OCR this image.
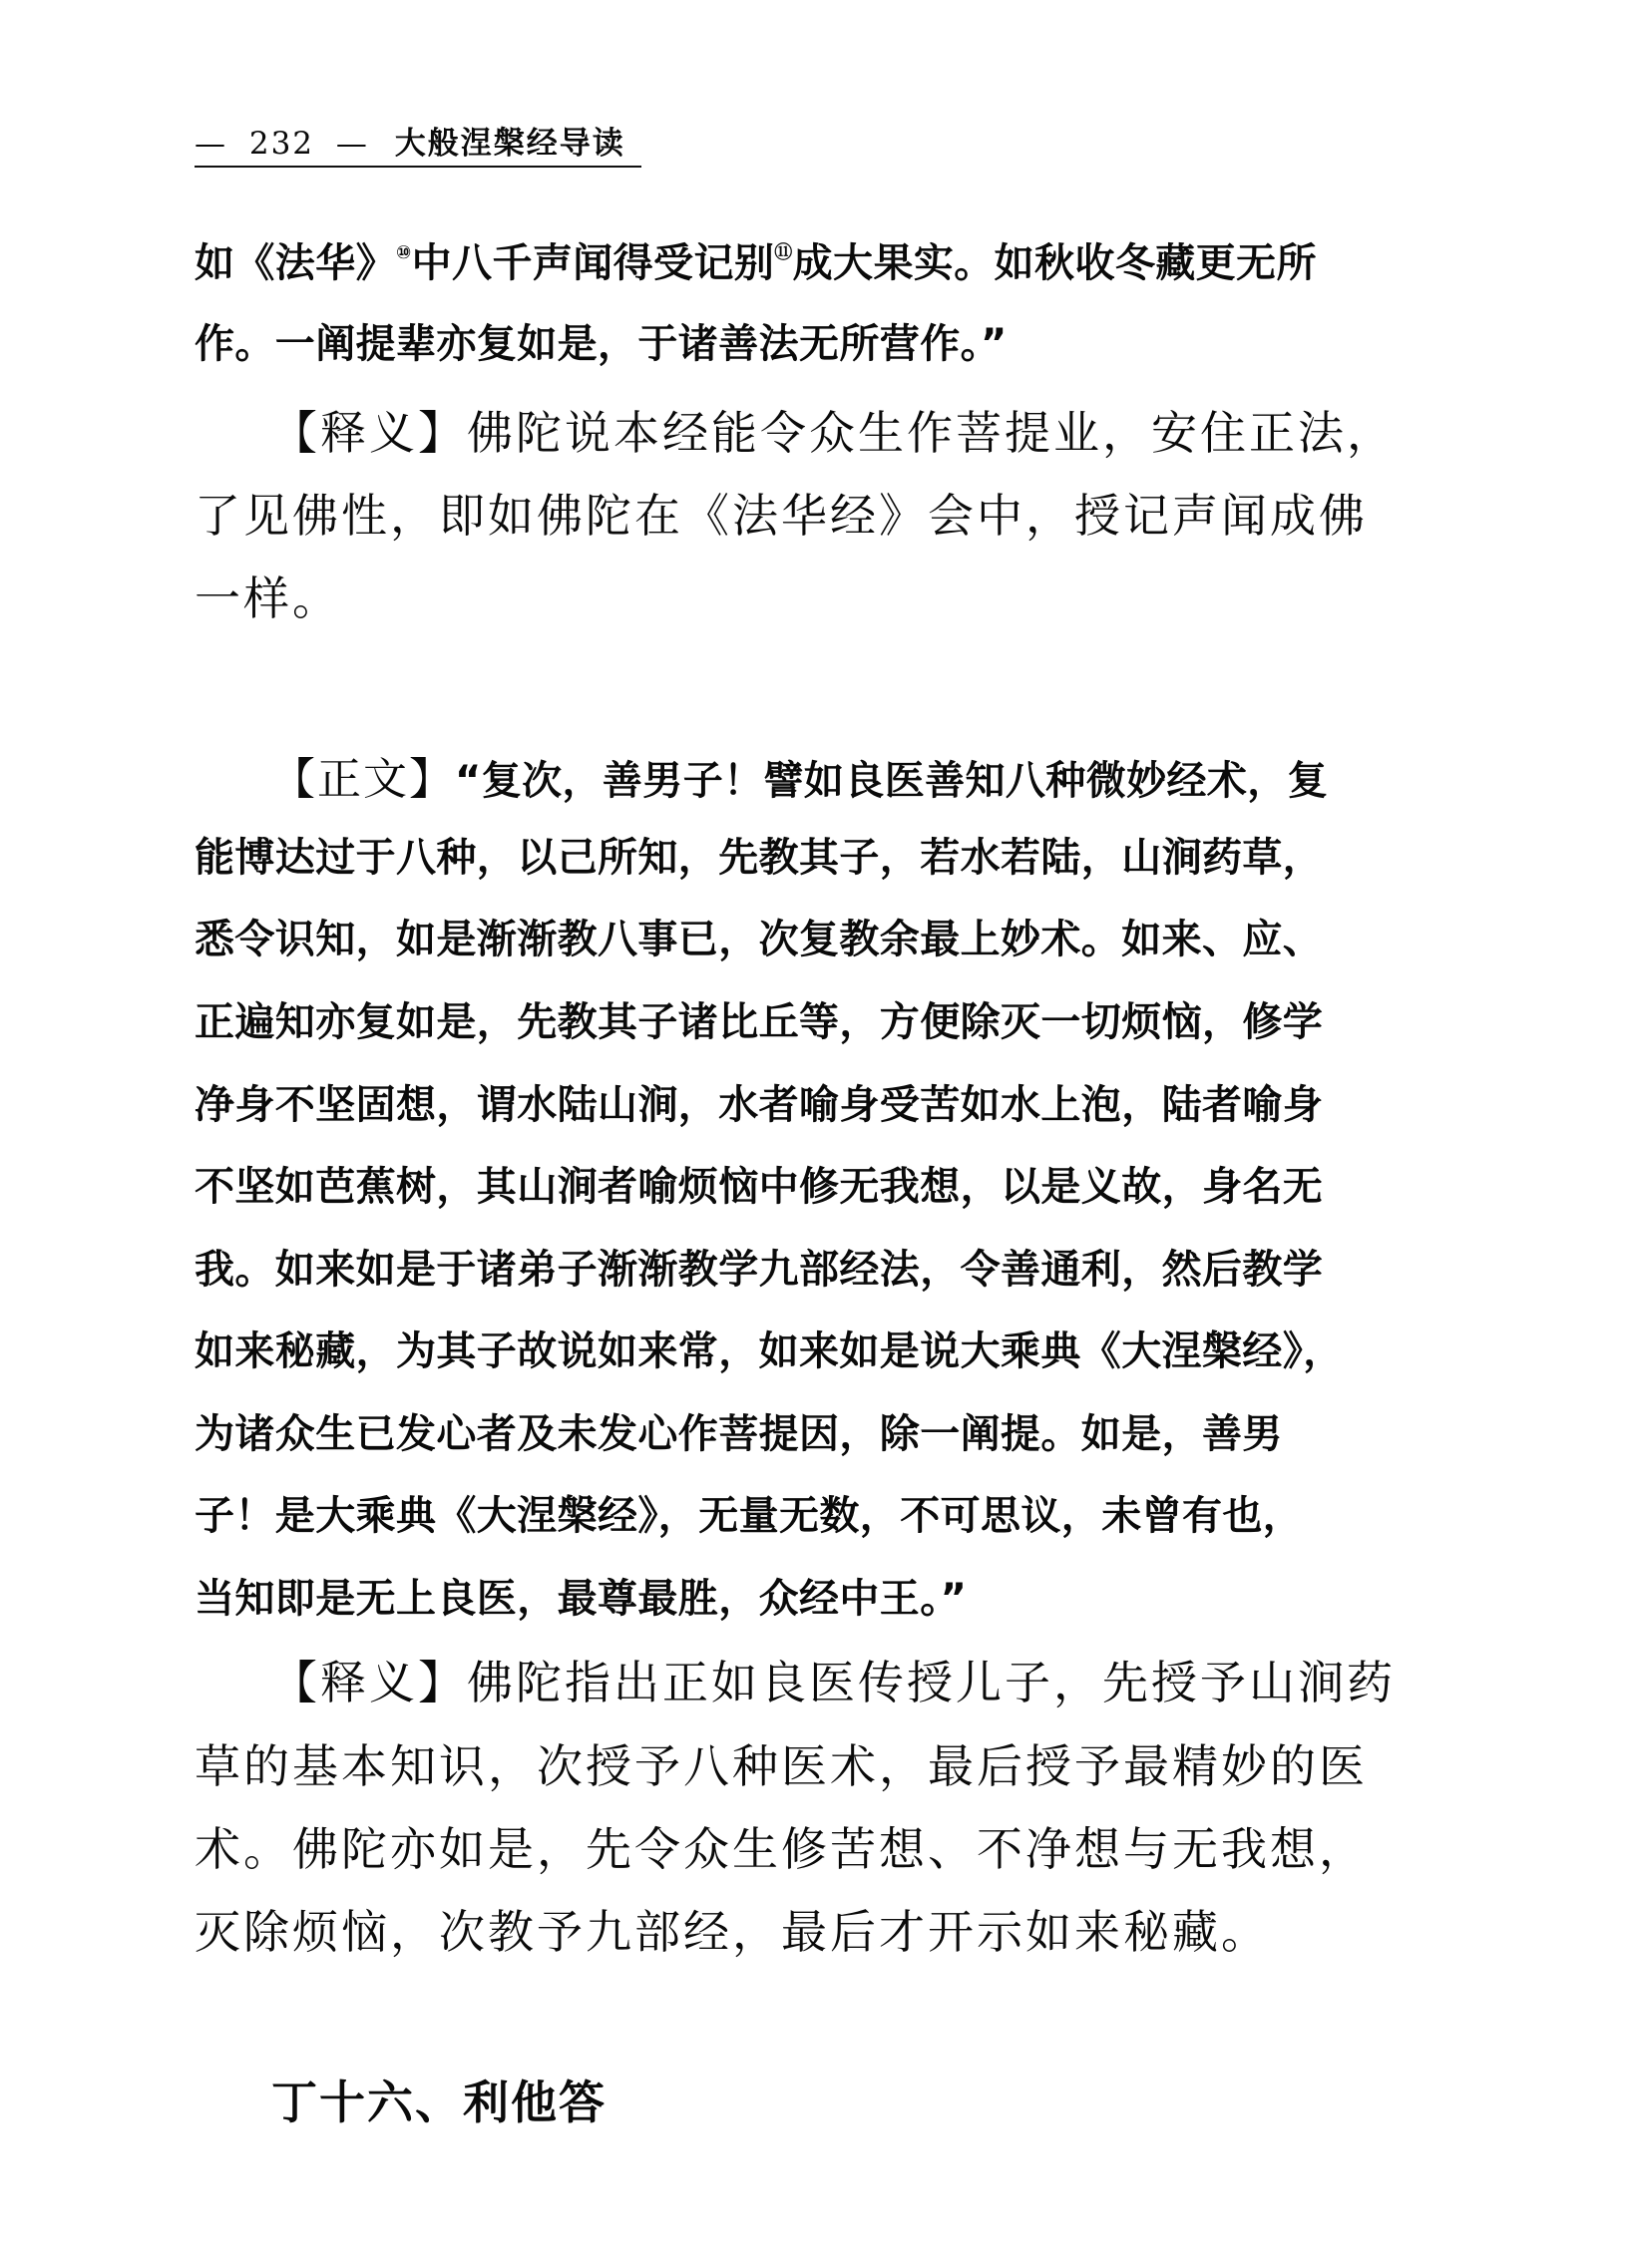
— 232 — 大般涅槃经导读
如《法华》⑩中八千声闻得受记别⑪成大果实。如秋收冬藏更无所
作。一阐提辈亦复如是，于诸善法无所营作。”
【释义】佛陀说本经能令众生作菩提业，安住正法，
了见佛性，即如佛陀在《法华经》会中，授记声闻成佛
一样。
【正文】“复次，善男子！譬如良医善知八种微妙经术，复
能博达过于八种，以己所知，先教其子，若水若陆，山涧药草，
悉令识知，如是渐渐教八事已，次复教余最上妙术。如来、应、
正遍知亦复如是，先教其子诸比丘等，方便除灭一切烦恼，修学
净身不坚固想，谓水陆山涧，水者喻身受苦如水上泡，陆者喻身
不坚如芭蕉树，其山涧者喻烦恼中修无我想，以是义故，身名无
我。如来如是于诸弟子渐渐教学九部经法，令善通利，然后教学
如来秘藏，为其子故说如来常，如来如是说大乘典《大涅槃经》，
为诸众生已发心者及未发心作菩提因，除一阐提。如是，善男
子！是大乘典《大涅槃经》，无量无数，不可思议，未曾有也，
当知即是无上良医，最尊最胜，众经中王。”
【释义】佛陀指出正如良医传授儿子，先授予山涧药
草的基本知识，次授予八种医术，最后授予最精妙的医
术。佛陀亦如是，先令众生修苦想、不净想与无我想，
灭除烦恼，次教予九部经，最后才开示如来秘藏。
丁十六、利他答
